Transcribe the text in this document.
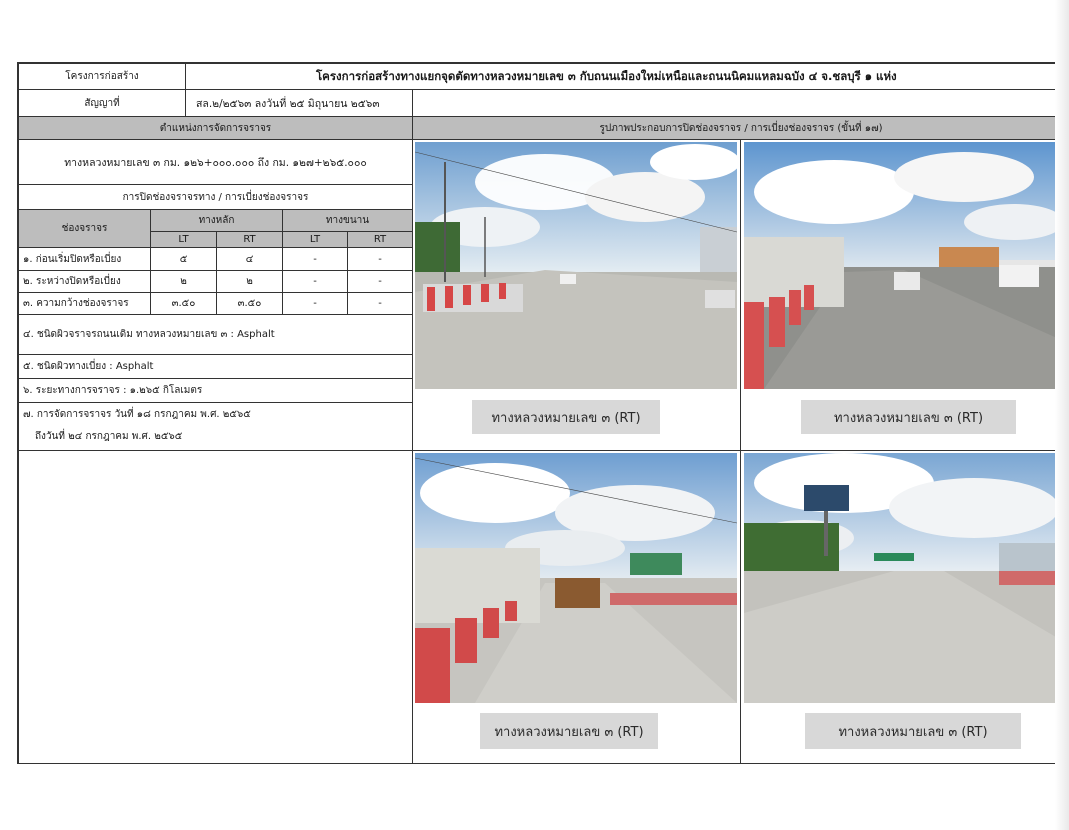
โครงการก่อสร้าง	โครงการก่อสร้างทางแยกจุดตัดทางหลวงหมายเลข ๓ กับถนนเมืองใหม่เหนือและถนนนิคมแหลมฉบัง ๔ จ.ชลบุรี ๑ แห่ง
สัญญาที่	สล.๒/๒๕๖๓ ลงวันที่ ๒๕ มิถุนายน ๒๕๖๓
ตำแหน่งการจัดการจราจร	รูปภาพประกอบการปิดช่องจราจร / การเบี่ยงช่องจราจร (ขั้นที่ ๑๗)
ทางหลวงหมายเลข ๓ กม. ๑๒๖+๐๐๐.๐๐๐ ถึง กม. ๑๒๗+๒๖๕.๐๐๐
การปิดช่องจราจรทาง / การเบี่ยงช่องจราจร
ช่องจราจร
ทางหลัก	ทางขนาน
LT	RT	LT	RT
๑. ก่อนเริ่มปิดหรือเบี่ยง	๕	๔	-	-
๒. ระหว่างปิดหรือเบี่ยง	๒	๒	-	-
๓. ความกว้างช่องจราจร	๓.๕๐	๓.๕๐	-	-
๔. ชนิดผิวจราจรถนนเดิม ทางหลวงหมายเลข ๓ : Asphalt
๕. ชนิดผิวทางเบี่ยง : Asphalt
๖. ระยะทางการจราจร : ๑.๒๖๕ กิโลเมตร
๗. การจัดการจราจร วันที่ ๑๘ กรกฎาคม พ.ศ. ๒๕๖๕
ถึงวันที่ ๒๔ กรกฎาคม พ.ศ. ๒๕๖๕
ทางหลวงหมายเลข ๓ (RT)	ทางหลวงหมายเลข ๓ (RT)
ทางหลวงหมายเลข ๓ (RT)	ทางหลวงหมายเลข ๓ (RT)
